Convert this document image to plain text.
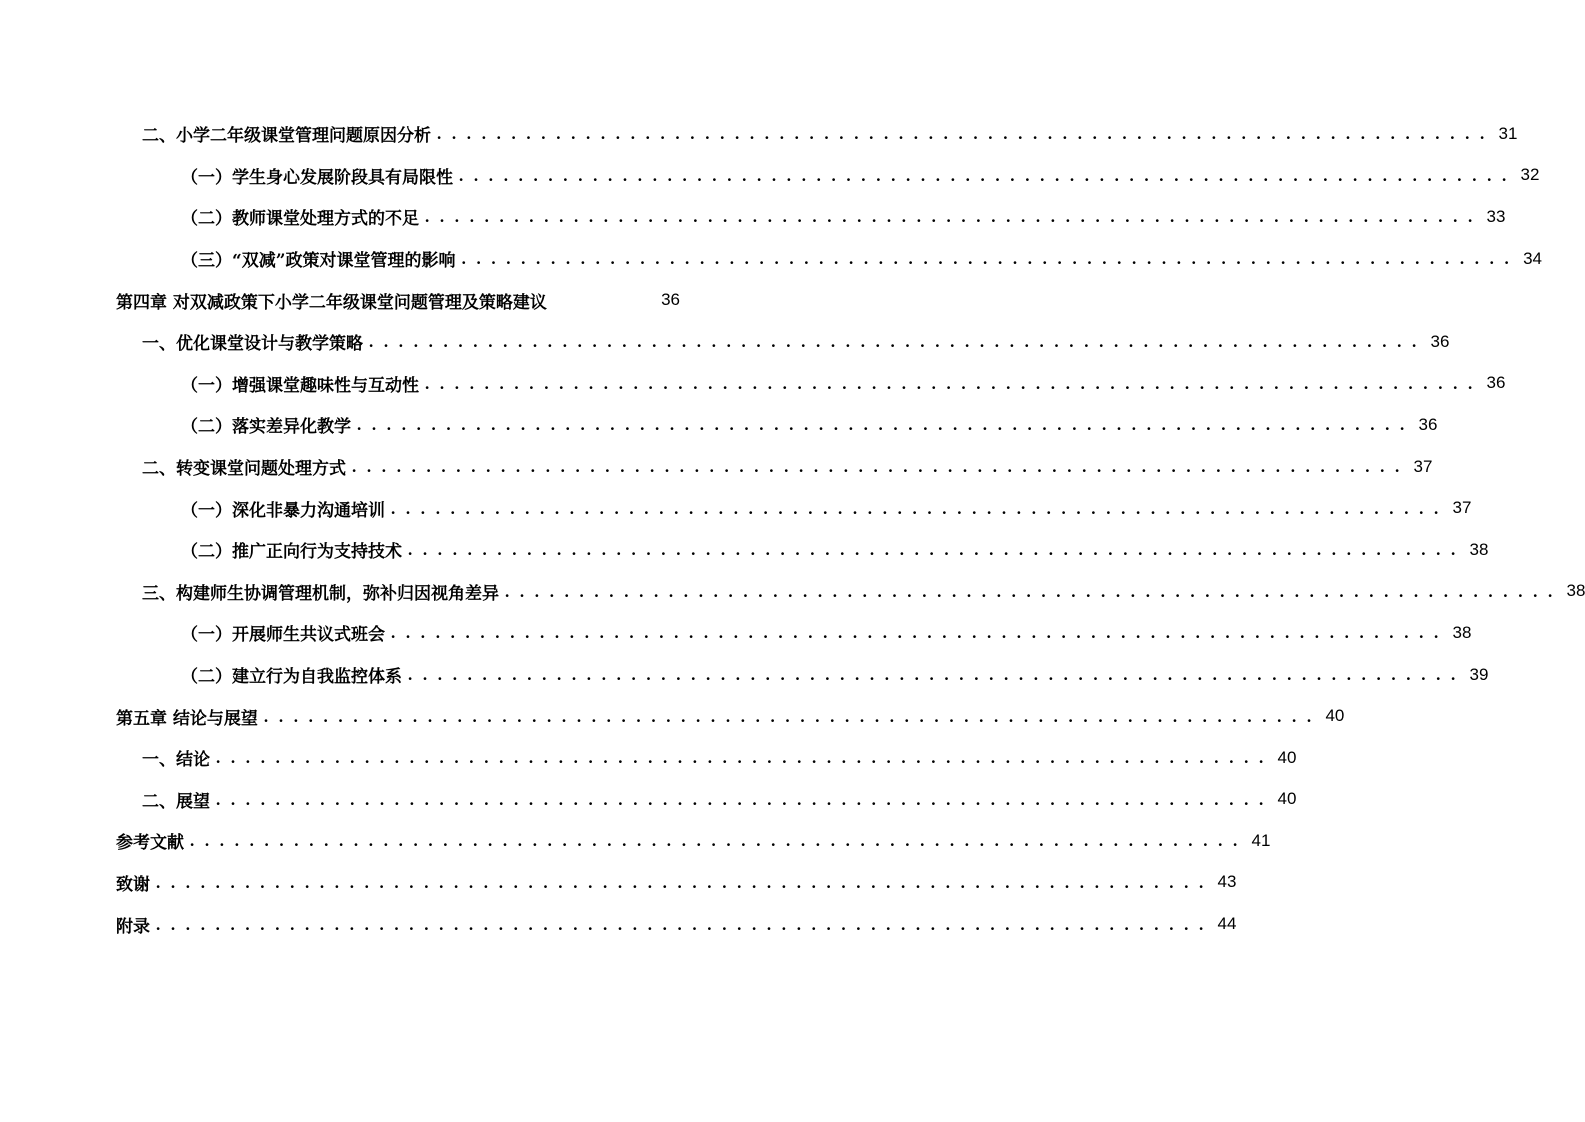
二、小学二年级课堂管理问题原因分析 . . . . . . . . . . . . . . . . . . . . . . . . . . . . . . . . . . . . . . . . . . . . . . . . . . . . . . . . . . . . . . . . . . . . . . . 31
（一）学生身心发展阶段具有局限性 . . . . . . . . . . . . . . . . . . . . . . . . . . . . . . . . . . . . . . . . . . . . . . . . . . . . . . . . . . . . . . . . . . . . . . . 32
（二）教师课堂处理方式的不足 . . . . . . . . . . . . . . . . . . . . . . . . . . . . . . . . . . . . . . . . . . . . . . . . . . . . . . . . . . . . . . . . . . . . . . . 33
（三）“双减”政策对课堂管理的影响 . . . . . . . . . . . . . . . . . . . . . . . . . . . . . . . . . . . . . . . . . . . . . . . . . . . . . . . . . . . . . . . . . . . . . . . 34
第四章 对双减政策下小学二年级课堂问题管理及策略建议	36
一、优化课堂设计与教学策略 . . . . . . . . . . . . . . . . . . . . . . . . . . . . . . . . . . . . . . . . . . . . . . . . . . . . . . . . . . . . . . . . . . . . . . . 36
（一）增强课堂趣味性与互动性 . . . . . . . . . . . . . . . . . . . . . . . . . . . . . . . . . . . . . . . . . . . . . . . . . . . . . . . . . . . . . . . . . . . . . . . 36
（二）落实差异化教学 . . . . . . . . . . . . . . . . . . . . . . . . . . . . . . . . . . . . . . . . . . . . . . . . . . . . . . . . . . . . . . . . . . . . . . . 36
二、转变课堂问题处理方式 . . . . . . . . . . . . . . . . . . . . . . . . . . . . . . . . . . . . . . . . . . . . . . . . . . . . . . . . . . . . . . . . . . . . . . . 37
（一）深化非暴力沟通培训 . . . . . . . . . . . . . . . . . . . . . . . . . . . . . . . . . . . . . . . . . . . . . . . . . . . . . . . . . . . . . . . . . . . . . . . 37
（二）推广正向行为支持技术 . . . . . . . . . . . . . . . . . . . . . . . . . . . . . . . . . . . . . . . . . . . . . . . . . . . . . . . . . . . . . . . . . . . . . . . 38
三、构建师生协调管理机制，弥补归因视角差异 . . . . . . . . . . . . . . . . . . . . . . . . . . . . . . . . . . . . . . . . . . . . . . . . . . . . . . . . . . . . . . . . . . . . . . . 38
（一）开展师生共议式班会 . . . . . . . . . . . . . . . . . . . . . . . . . . . . . . . . . . . . . . . . . . . . . . . . . . . . . . . . . . . . . . . . . . . . . . . 38
（二）建立行为自我监控体系 . . . . . . . . . . . . . . . . . . . . . . . . . . . . . . . . . . . . . . . . . . . . . . . . . . . . . . . . . . . . . . . . . . . . . . . 39
第五章 结论与展望 . . . . . . . . . . . . . . . . . . . . . . . . . . . . . . . . . . . . . . . . . . . . . . . . . . . . . . . . . . . . . . . . . . . . . . . 40
一、结论 . . . . . . . . . . . . . . . . . . . . . . . . . . . . . . . . . . . . . . . . . . . . . . . . . . . . . . . . . . . . . . . . . . . . . . . 40
二、展望 . . . . . . . . . . . . . . . . . . . . . . . . . . . . . . . . . . . . . . . . . . . . . . . . . . . . . . . . . . . . . . . . . . . . . . . 40
参考文献 . . . . . . . . . . . . . . . . . . . . . . . . . . . . . . . . . . . . . . . . . . . . . . . . . . . . . . . . . . . . . . . . . . . . . . . 41
致谢 . . . . . . . . . . . . . . . . . . . . . . . . . . . . . . . . . . . . . . . . . . . . . . . . . . . . . . . . . . . . . . . . . . . . . . . 43
附录 . . . . . . . . . . . . . . . . . . . . . . . . . . . . . . . . . . . . . . . . . . . . . . . . . . . . . . . . . . . . . . . . . . . . . . . 44
